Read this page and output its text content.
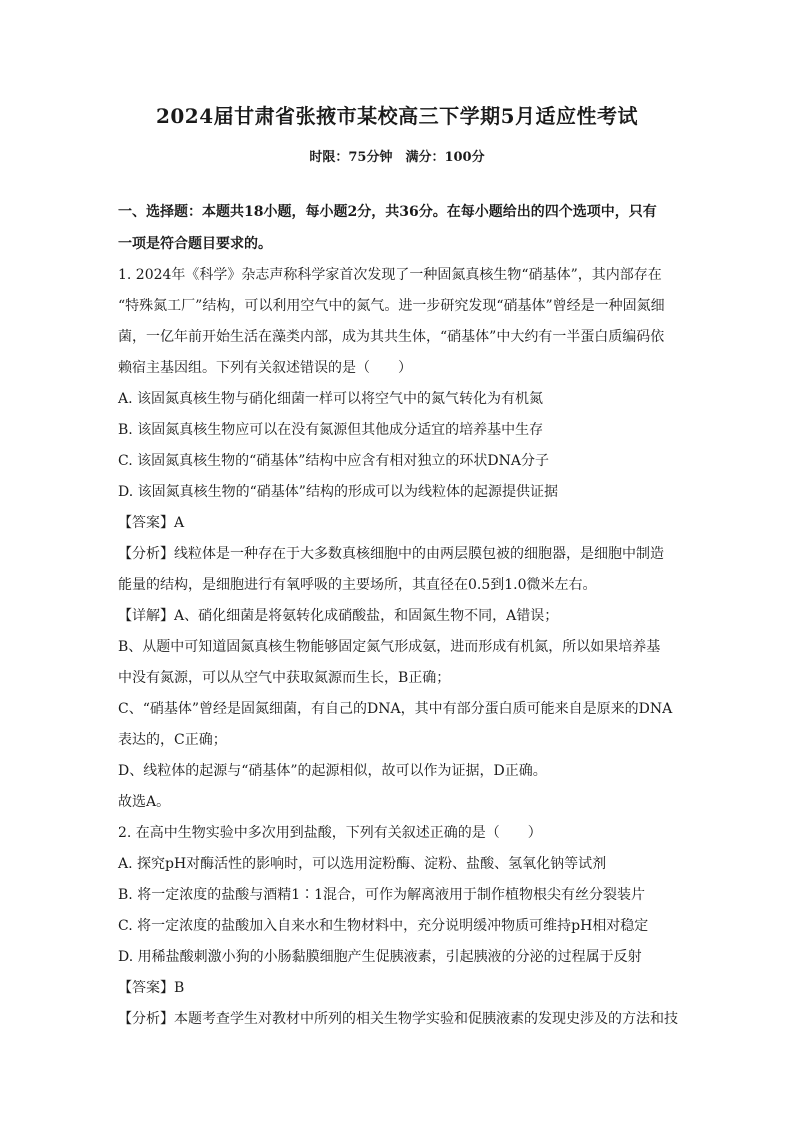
2024届甘肃省张掖市某校高三下学期5月适应性考试
时限：75分钟　满分：100分
一、选择题：本题共18小题，每小题2分，共36分。在每小题给出的四个选项中，只有
一项是符合题目要求的。
1. 2024年《科学》杂志声称科学家首次发现了一种固氮真核生物“硝基体”，其内部存在
“特殊氮工厂”结构，可以利用空气中的氮气。进一步研究发现“硝基体”曾经是一种固氮细
菌，一亿年前开始生活在藻类内部，成为其共生体，“硝基体”中大约有一半蛋白质编码依
赖宿主基因组。下列有关叙述错误的是（　　）
A. 该固氮真核生物与硝化细菌一样可以将空气中的氮气转化为有机氮
B. 该固氮真核生物应可以在没有氮源但其他成分适宜的培养基中生存
C. 该固氮真核生物的“硝基体”结构中应含有相对独立的环状DNA分子
D. 该固氮真核生物的“硝基体”结构的形成可以为线粒体的起源提供证据
【答案】A
【分析】线粒体是一种存在于大多数真核细胞中的由两层膜包被的细胞器，是细胞中制造
能量的结构，是细胞进行有氧呼吸的主要场所，其直径在0.5到1.0微米左右。
【详解】A、硝化细菌是将氨转化成硝酸盐，和固氮生物不同，A错误；
B、从题中可知道固氮真核生物能够固定氮气形成氨，进而形成有机氮，所以如果培养基
中没有氮源，可以从空气中获取氮源而生长，B正确；
C、“硝基体”曾经是固氮细菌，有自己的DNA，其中有部分蛋白质可能来自是原来的DNA
表达的，C正确；
D、线粒体的起源与“硝基体”的起源相似，故可以作为证据，D正确。
故选A。
2. 在高中生物实验中多次用到盐酸，下列有关叙述正确的是（　　）
A. 探究pH对酶活性的影响时，可以选用淀粉酶、淀粉、盐酸、氢氧化钠等试剂
B. 将一定浓度的盐酸与酒精1∶1混合，可作为解离液用于制作植物根尖有丝分裂装片
C. 将一定浓度的盐酸加入自来水和生物材料中，充分说明缓冲物质可维持pH相对稳定
D. 用稀盐酸刺激小狗的小肠黏膜细胞产生促胰液素，引起胰液的分泌的过程属于反射
【答案】B
【分析】本题考查学生对教材中所列的相关生物学实验和促胰液素的发现史涉及的方法和技
